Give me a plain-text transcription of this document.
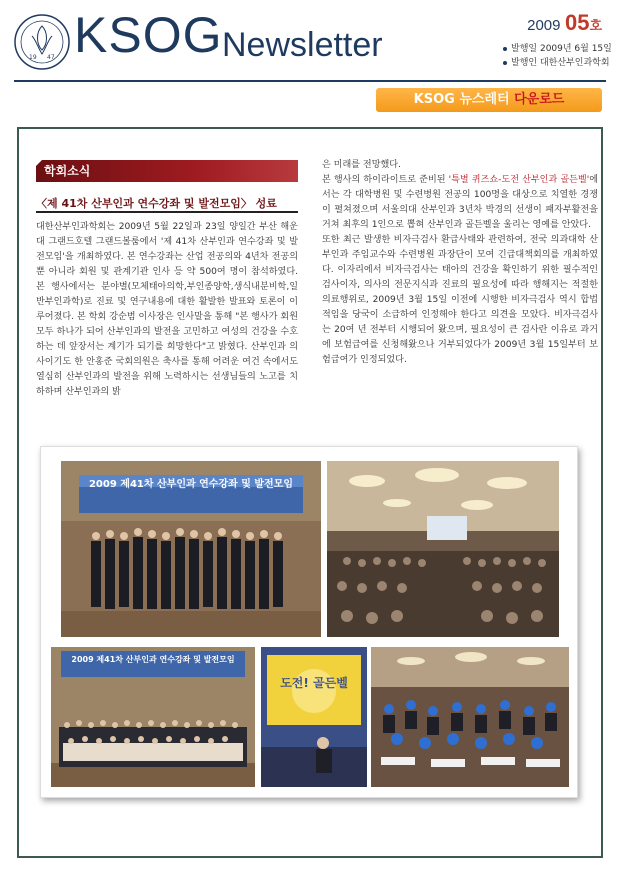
19 47 KSOG Newsletter
2009 05호
발행일 2009년 6월 15일
발행인 대한산부인과학회
KSOG 뉴스레터 다운로드
학회소식
〈제 41차 산부인과 연수강좌 및 발전모임〉 성료

대한산부인과학회는 2009년 5월 22일과 23일 양일간 부산 해운대 그랜드호텔 그랜드볼룸에서 '제 41차 산부인과 연수강좌 및 발전모임'을 개최하였다. 본 연수강좌는 산업 전공의와 4년차 전공의 뿐 아니라 회원 및 관계기관 인사 등 약 500여 명이 참석하였다. 본 행사에서는 분야별(모체태아의학,부인종양학,생식내분비학,일반부인과학)로 진료 및 연구내용에 대한 활발한 발표와 토론이 이루어졌다. 본 학회 강순범 이사장은 인사말을 통해 "본 행사가 회원 모두 하나가 되어 산부인과의 발전을 고민하고 여성의 건강을 수호하는 데 앞장서는 계기가 되기를 희망한다"고 밝혔다. 산부인과 의사이기도 한 안홍준 국회의원은 축사를 통해 어려운 여건 속에서도 열심히 산부인과의 발전을 위해 노력하시는 선생님들의 노고를 치하하며 산부인과의 밝

은 미래를 전망했다.

본 행사의 하이라이트로 준비된 '특별 퀴즈쇼-도전 산부인과 골든벨'에서는 각 대학병원 및 수련병원 전공의 100명을 대상으로 치열한 경쟁이 펼쳐졌으며 서울의대 산부인과 3년차 박경의 선생이 패자부활전을 거쳐 최후의 1인으로 뽑혀 산부인과 골든벨을 울리는 영예를 안았다.

또한 최근 발생한 비자극검사 환급사태와 관련하여, 전국 의과대학 산부인과 주임교수와 수련병원 과장단이 모여 긴급대책회의를 개최하였다. 이자리에서 비자극검사는 태아의 건강을 확인하기 위한 필수적인 검사이자, 의사의 전문지식과 진료의 필요성에 따라 행해지는 적절한 의료행위로, 2009년 3월 15일 이전에 시행한 비자극검사 역시 합법적임을 당국이 소급하여 인정해야 한다고 의견을 모았다. 비자극검사는 20여 년 전부터 시행되어 왔으며, 필요성이 큰 검사란 이유로 과거에 보험급여를 신청해왔으나 거부되었다가 2009년 3월 15일부터 보험급여가 인정되었다.

2009 제41차 산부인과 연수강좌 및 발전모임
2009 제41차 산부인과 연수강좌 및 발전모임
도전! 골든벨
